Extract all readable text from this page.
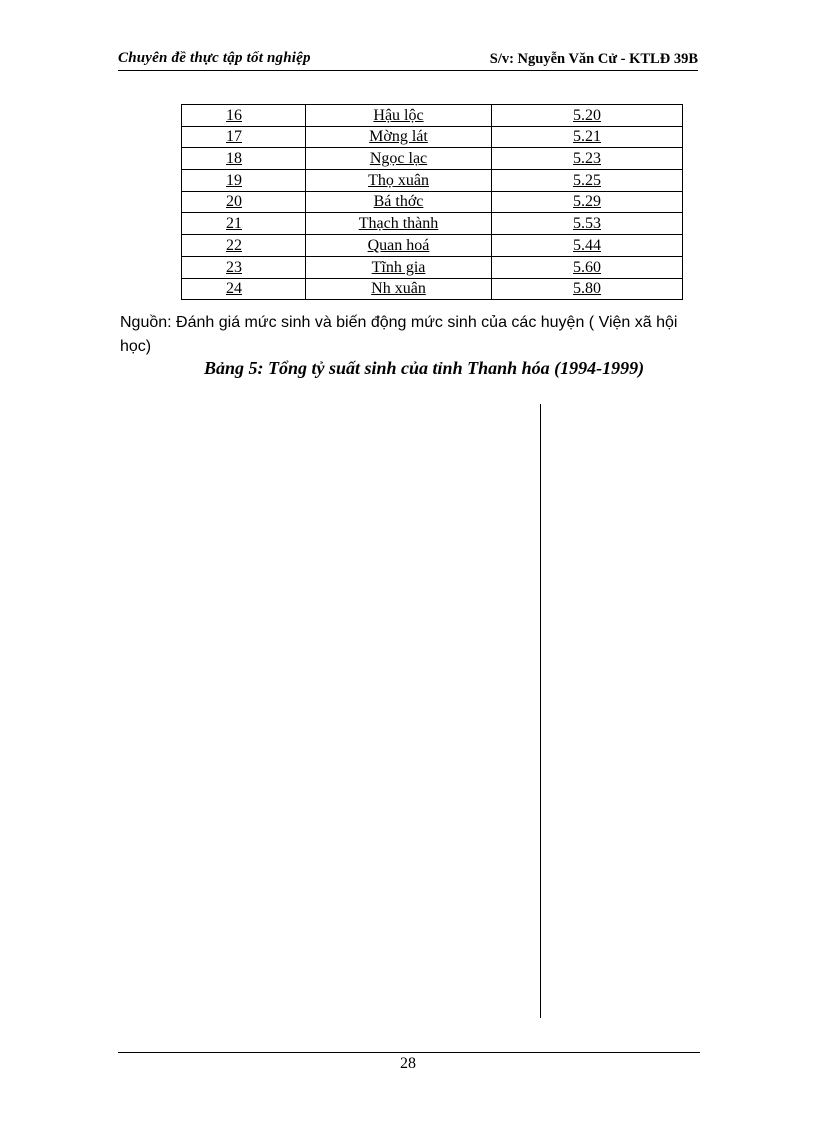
Chuyên đề thực tập tốt nghiệp	S/v: Nguyễn Văn Cử - KTLĐ 39B
16	Hậu lộc	5.20
17	Mờng lát	5.21
18	Ngọc lạc	5.23
19	Thọ xuân	5.25
20	Bá thớc	5.29
21	Thạch thành	5.53
22	Quan hoá	5.44
23	Tĩnh gia	5.60
24	Nh xuân	5.80
Nguồn: Đánh giá mức sinh và biến động mức sinh của các huyện ( Viện xã hội học)
Bảng 5: Tổng tỷ suất sinh của tỉnh Thanh hóa (1994-1999)
28
